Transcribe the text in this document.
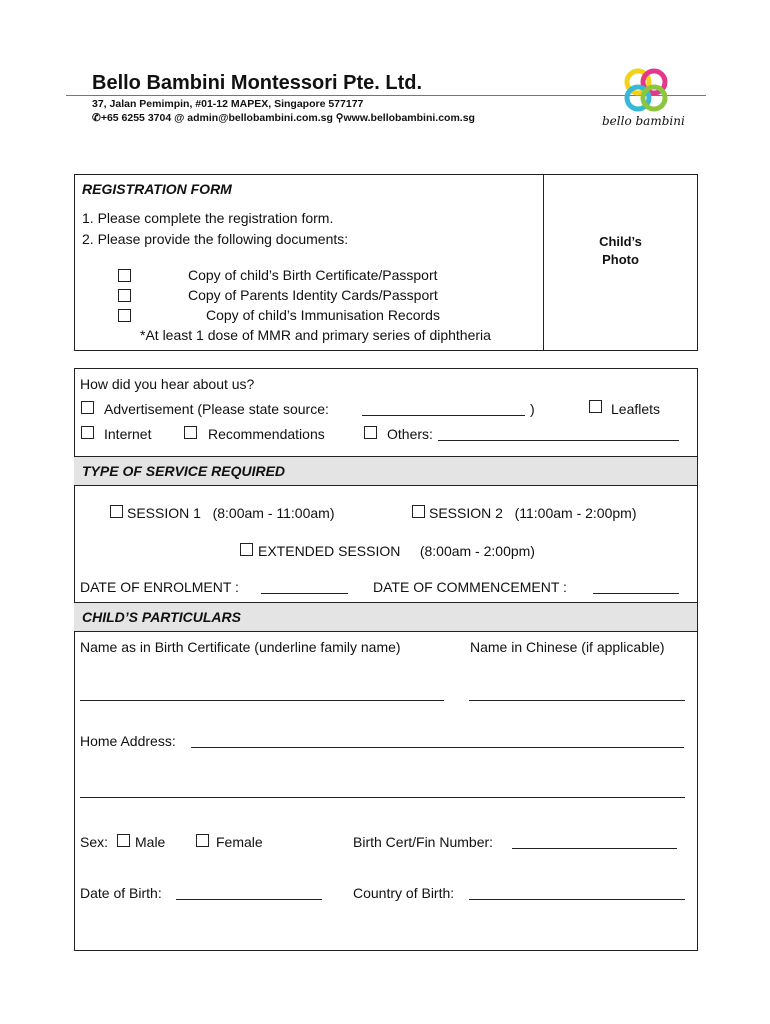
Bello Bambini Montessori Pte. Ltd.
37, Jalan Pemimpin, #01-12 MAPEX, Singapore 577177
✆+65 6255 3704 @ admin@bellobambini.com.sg ⚲www.bellobambini.com.sg	bello bambini
REGISTRATION FORM
1. Please complete the registration form.
2. Please provide the following documents:
Copy of child’s Birth Certificate/Passport
Copy of Parents Identity Cards/Passport
Copy of child’s Immunisation Records
*At least 1 dose of MMR and primary series of diphtheria
Child’s
Photo
How did you hear about us?
Advertisement (Please state source:	)	Leaflets
Internet	Recommendations	Others:
TYPE OF SERVICE REQUIRED
SESSION 1   (8:00am - 11:00am)	SESSION 2   (11:00am - 2:00pm)
EXTENDED SESSION     (8:00am - 2:00pm)
DATE OF ENROLMENT :	DATE OF COMMENCEMENT :
CHILD’S PARTICULARS
Name as in Birth Certificate (underline family name)	Name in Chinese (if applicable)
Home Address:
Sex: Male	Female	Birth Cert/Fin Number:
Date of Birth:	Country of Birth:
